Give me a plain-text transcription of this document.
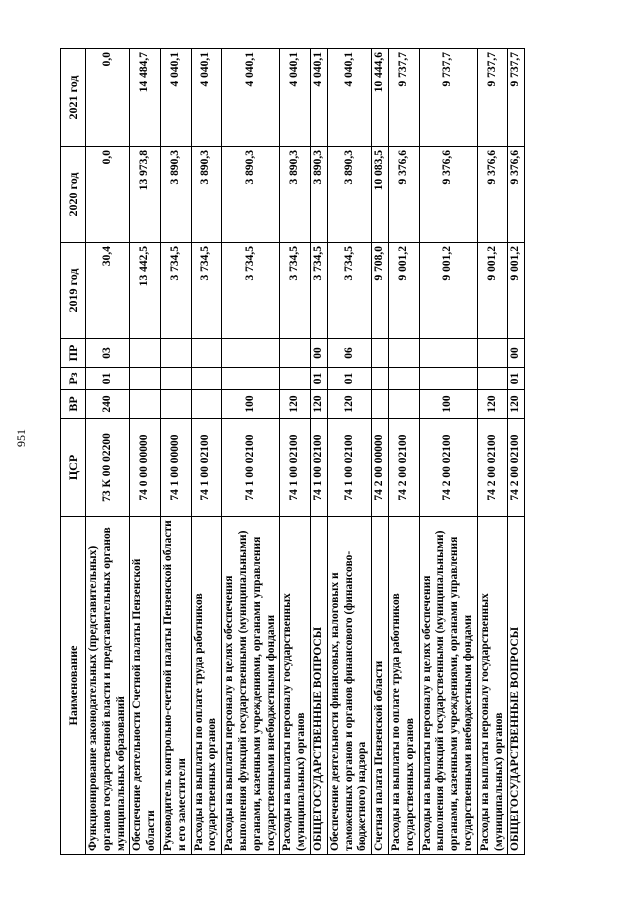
951
Наименование	ЦСР	ВР	Рз	ПР	2019 год	2020 год	2021 год
Функционирование законодательных (представительных) органов государственной власти и представительных органов муниципальных образований	73 К 00 02200	240	01	03	30,4	0,0	0,0
Обеспечение деятельности Счетной палаты Пензенской области	74 0 00 00000				13 442,5	13 973,8	14 484,7
Руководитель контрольно-счетной палаты Пензенской области и его заместители	74 1 00 00000				3 734,5	3 890,3	4 040,1
Расходы на выплаты по оплате труда работников государственных органов	74 1 00 02100				3 734,5	3 890,3	4 040,1
Расходы на выплаты персоналу в целях обеспечения выполнения функций государственными (муниципальными) органами, казенными учреждениями, органами управления государственными внебюджетными фондами	74 1 00 02100	100			3 734,5	3 890,3	4 040,1
Расходы на выплаты персоналу государственных (муниципальных) органов	74 1 00 02100	120			3 734,5	3 890,3	4 040,1
ОБЩЕГОСУДАРСТВЕННЫЕ ВОПРОСЫ	74 1 00 02100	120	01	00	3 734,5	3 890,3	4 040,1
Обеспечение деятельности финансовых, налоговых и таможенных органов и органов финансового (финансово-бюджетного) надзора	74 1 00 02100	120	01	06	3 734,5	3 890,3	4 040,1
Счетная палата Пензенской области	74 2 00 00000				9 708,0	10 083,5	10 444,6
Расходы на выплаты по оплате труда работников государственных органов	74 2 00 02100				9 001,2	9 376,6	9 737,7
Расходы на выплаты персоналу в целях обеспечения выполнения функций государственными (муниципальными) органами, казенными учреждениями, органами управления государственными внебюджетными фондами	74 2 00 02100	100			9 001,2	9 376,6	9 737,7
Расходы на выплаты персоналу государственных (муниципальных) органов	74 2 00 02100	120			9 001,2	9 376,6	9 737,7
ОБЩЕГОСУДАРСТВЕННЫЕ ВОПРОСЫ	74 2 00 02100	120	01	00	9 001,2	9 376,6	9 737,7
